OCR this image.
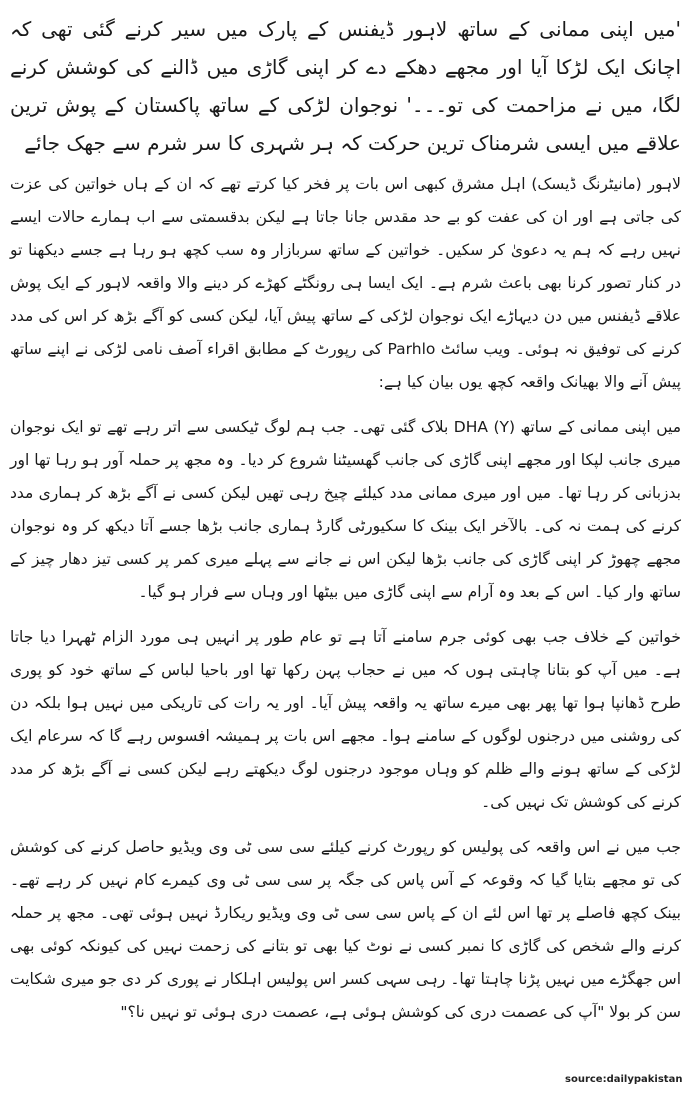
'میں اپنی ممانی کے ساتھ لاہور ڈیفنس کے پارک میں سیر کرنے گئی تھی کہ اچانک ایک لڑکا آیا اور مجھے دھکے دے کر اپنی گاڑی میں ڈالنے کی کوشش کرنے لگا، میں نے مزاحمت کی تو۔۔۔' نوجوان لڑکی کے ساتھ پاکستان کے پوش ترین علاقے میں ایسی شرمناک ترین حرکت کہ ہر شہری کا سر شرم سے جھک جائے

لاہور (مانیٹرنگ ڈیسک) اہل مشرق کبھی اس بات پر فخر کیا کرتے تھے کہ ان کے ہاں خواتین کی عزت کی جاتی ہے اور ان کی عفت کو بے حد مقدس جانا جاتا ہے لیکن بدقسمتی سے اب ہمارے حالات ایسے نہیں رہے کہ ہم یہ دعویٰ کر سکیں۔ خواتین کے ساتھ سربازار وہ سب کچھ ہو رہا ہے جسے دیکھنا تو در کنار تصور کرنا بھی باعث شرم ہے۔ ایک ایسا ہی رونگٹے کھڑے کر دینے والا واقعہ لاہور کے ایک پوش علاقے ڈیفنس میں دن دیہاڑے ایک نوجوان لڑکی کے ساتھ پیش آیا، لیکن کسی کو آگے بڑھ کر اس کی مدد کرنے کی توفیق نہ ہوئی۔ ویب سائٹ Parhlo کی رپورٹ کے مطابق اقراء آصف نامی لڑکی نے اپنے ساتھ پیش آنے والا بھیانک واقعہ کچھ یوں بیان کیا ہے:

میں اپنی ممانی کے ساتھ DHA (Y) بلاک گئی تھی۔ جب ہم لوگ ٹیکسی سے اتر رہے تھے تو ایک نوجوان میری جانب لپکا اور مجھے اپنی گاڑی کی جانب گھسیٹنا شروع کر دیا۔ وہ مجھ پر حملہ آور ہو رہا تھا اور بدزبانی کر رہا تھا۔ میں اور میری ممانی مدد کیلئے چیخ رہی تھیں لیکن کسی نے آگے بڑھ کر ہماری مدد کرنے کی ہمت نہ کی۔ بالآخر ایک بینک کا سکیورٹی گارڈ ہماری جانب بڑھا جسے آتا دیکھ کر وہ نوجوان مجھے چھوڑ کر اپنی گاڑی کی جانب بڑھا لیکن اس نے جانے سے پہلے میری کمر پر کسی تیز دھار چیز کے ساتھ وار کیا۔ اس کے بعد وہ آرام سے اپنی گاڑی میں بیٹھا اور وہاں سے فرار ہو گیا۔

خواتین کے خلاف جب بھی کوئی جرم سامنے آتا ہے تو عام طور پر انہیں ہی مورد الزام ٹھہرا دیا جاتا ہے۔ میں آپ کو بتانا چاہتی ہوں کہ میں نے حجاب پہن رکھا تھا اور باحیا لباس کے ساتھ خود کو پوری طرح ڈھانپا ہوا تھا پھر بھی میرے ساتھ یہ واقعہ پیش آیا۔ اور یہ رات کی تاریکی میں نہیں ہوا بلکہ دن کی روشنی میں درجنوں لوگوں کے سامنے ہوا۔ مجھے اس بات پر ہمیشہ افسوس رہے گا کہ سرعام ایک لڑکی کے ساتھ ہونے والے ظلم کو وہاں موجود درجنوں لوگ دیکھتے رہے لیکن کسی نے آگے بڑھ کر مدد کرنے کی کوشش تک نہیں کی۔

جب میں نے اس واقعہ کی پولیس کو رپورٹ کرنے کیلئے سی سی ٹی وی ویڈیو حاصل کرنے کی کوشش کی تو مجھے بتایا گیا کہ وقوعہ کے آس پاس کی جگہ پر سی سی ٹی وی کیمرے کام نہیں کر رہے تھے۔ بینک کچھ فاصلے پر تھا اس لئے ان کے پاس سی سی ٹی وی ویڈیو ریکارڈ نہیں ہوئی تھی۔ مجھ پر حملہ کرنے والے شخص کی گاڑی کا نمبر کسی نے نوٹ کیا بھی تو بتانے کی زحمت نہیں کی کیونکہ کوئی بھی اس جھگڑے میں نہیں پڑنا چاہتا تھا۔ رہی سہی کسر اس پولیس اہلکار نے پوری کر دی جو میری شکایت سن کر بولا "آپ کی عصمت دری کی کوشش ہوئی ہے، عصمت دری ہوئی تو نہیں نا؟"

source:dailypakistan
